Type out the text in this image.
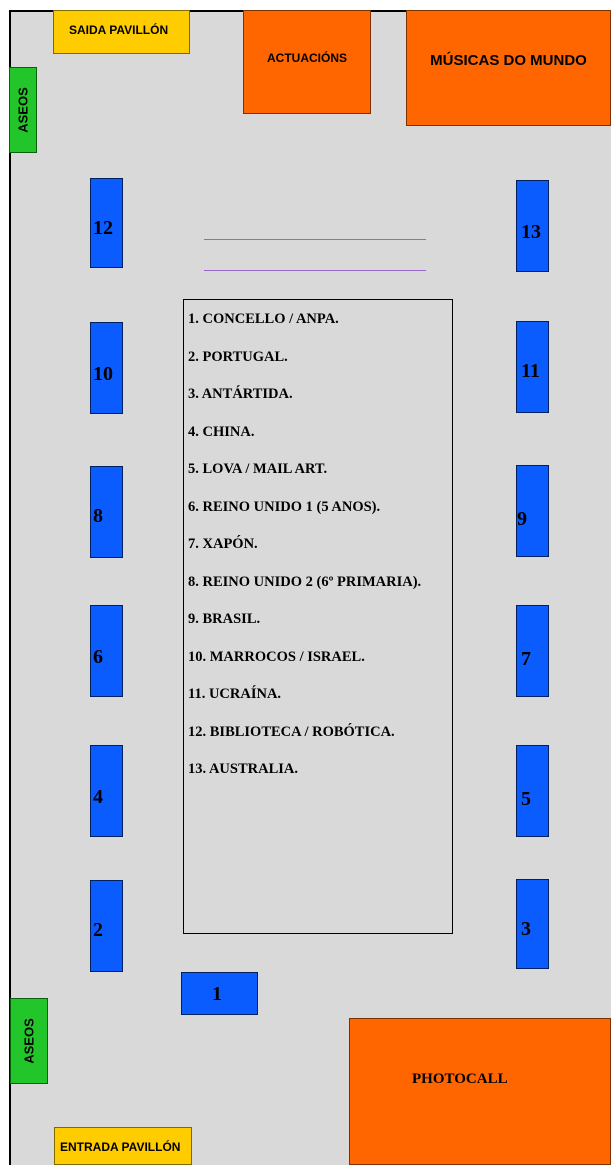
SAIDA PAVILLÓN
ENTRADA PAVILLÓN
ASEOS
ASEOS
ACTUACIÓNS	MÚSICAS DO MUNDO
PHOTOCALL
12
10
8
6
4
2
13
11
9
7
5
3
1
1. CONCELLO / ANPA.
2. PORTUGAL.
3. ANTÁRTIDA.
4. CHINA.
5. LOVA / MAIL ART.
6. REINO UNIDO 1 (5 ANOS).
7. XAPÓN.
8. REINO UNIDO 2 (6º PRIMARIA).
9. BRASIL.
10. MARROCOS / ISRAEL.
11. UCRAÍNA.
12. BIBLIOTECA / ROBÓTICA.
13. AUSTRALIA.
